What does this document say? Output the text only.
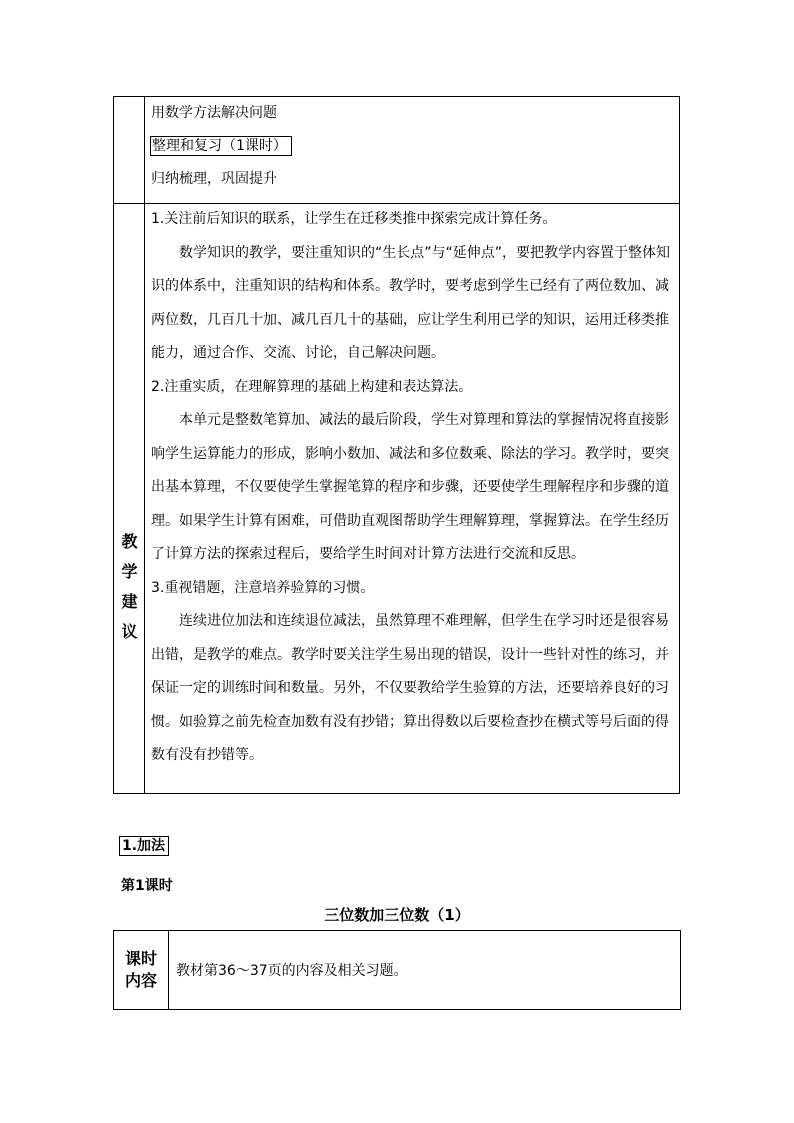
用数学方法解决问题
整理和复习（1课时）
归纳梳理，巩固提升
教
学
建
议

1.关注前后知识的联系，让学生在迁移类推中探索完成计算任务。

数学知识的教学，要注重知识的“生长点”与“延伸点”，要把教学内容置于整体知识的体系中，注重知识的结构和体系。教学时，要考虑到学生已经有了两位数加、减两位数，几百几十加、减几百几十的基础，应让学生利用已学的知识，运用迁移类推能力，通过合作、交流、讨论，自己解决问题。

2.注重实质，在理解算理的基础上构建和表达算法。

本单元是整数笔算加、减法的最后阶段，学生对算理和算法的掌握情况将直接影响学生运算能力的形成，影响小数加、减法和多位数乘、除法的学习。教学时，要突出基本算理，不仅要使学生掌握笔算的程序和步骤，还要使学生理解程序和步骤的道理。如果学生计算有困难，可借助直观图帮助学生理解算理，掌握算法。在学生经历了计算方法的探索过程后，要给学生时间对计算方法进行交流和反思。

3.重视错题，注意培养验算的习惯。

连续进位加法和连续退位减法，虽然算理不难理解，但学生在学习时还是很容易出错，是教学的难点。教学时要关注学生易出现的错误，设计一些针对性的练习，并保证一定的训练时间和数量。另外，不仅要教给学生验算的方法，还要培养良好的习惯。如验算之前先检查加数有没有抄错；算出得数以后要检查抄在横式等号后面的得数有没有抄错等。

1.加法
第1课时
三位数加三位数（1）
课时
内容 教材第36～37页的内容及相关习题。
